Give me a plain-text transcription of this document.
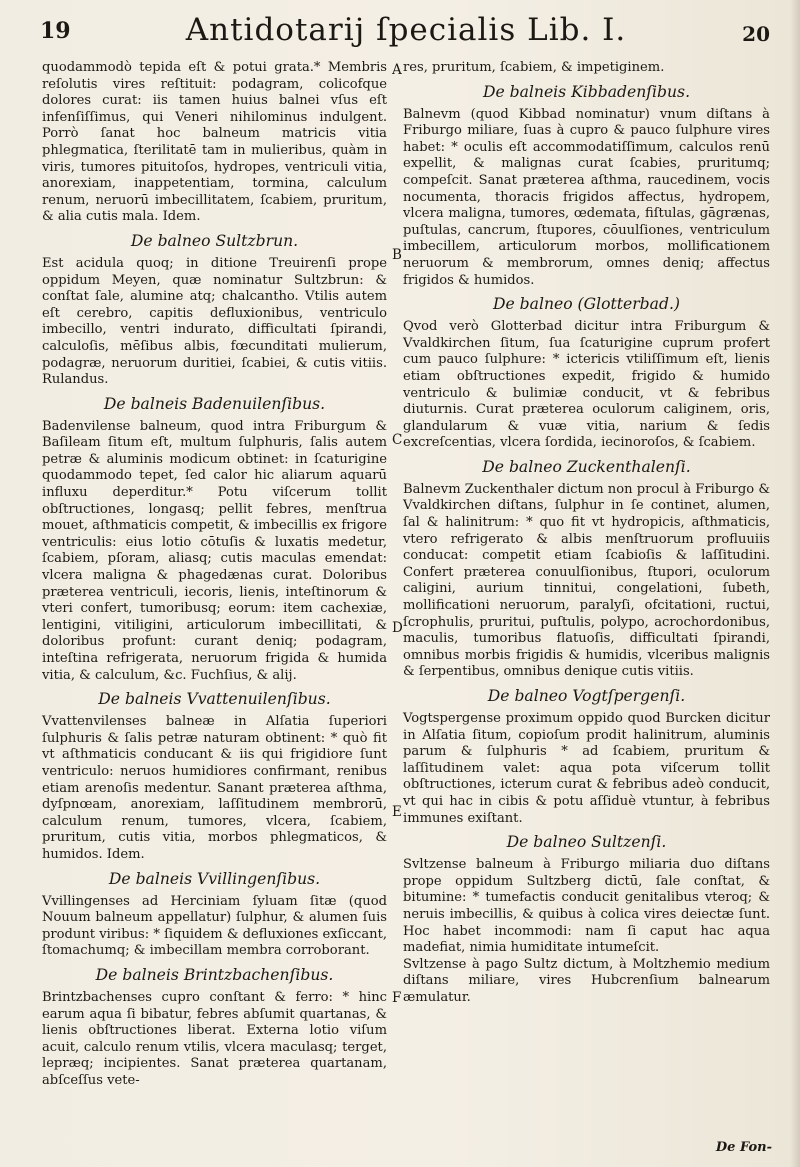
19	Antidotarij ſpecialis Lib. I.	20

quodammodò tepida eſt & potui grata.* Membris reſolutis vires reſtituit: podagram, colicofque dolores curat: iis tamen huius balnei vſus eſt infenſiſſimus, qui Veneri nihilominus indulgent. Porrò ſanat hoc balneum matricis vitia phlegmatica, ſterilitatē tam in mulieribus, quàm in viris, tumores pituitoſos, hydropes, ventriculi vitia, anorexiam, inappetentiam, tormina, calculum renum, neruorū imbecillitatem, ſcabiem, pruritum, & alia cutis mala. Idem.

De balneo Sultzbrun.

Est acidula quoq; in ditione Treuirenſi prope oppidum Meyen, quæ nominatur Sultzbrun: & conſtat ſale, alumine atq; chalcantho. Vtilis autem eſt cerebro, capitis defluxionibus, ventriculo imbecillo, ventri indurato, difficultati ſpirandi, calculoſis, mēſibus albis, fœcunditati mulierum, podagræ, neruorum duritiei, ſcabiei, & cutis vitiis. Rulandus.

De balneis Badenuilenſibus.

Badenvilense balneum, quod intra Friburgum & Baſileam ſitum eſt, multum ſulphuris, ſalis autem petræ & aluminis modicum obtinet: in ſcaturigine quodammodo tepet, ſed calor hic aliarum aquarū influxu deperditur.* Potu viſcerum tollit obſtructiones, longasq; pellit febres, menſtrua mouet, aſthmaticis competit, & imbecillis ex frigore ventriculis: eius lotio cōtuſis & luxatis medetur, ſcabiem, pſoram, aliasq; cutis maculas emendat: vlcera maligna & phagedænas curat. Doloribus præterea ventriculi, iecoris, lienis, inteſtinorum & vteri confert, tumoribusq; eorum: item cachexiæ, lentigini, vitiligini, articulorum imbecillitati, & doloribus profunt: curant deniq; podagram, inteſtina refrigerata, neruorum frigida & humida vitia, & calculum, &c. Fuchſius, & alij.

De balneis Vvattenuilenſibus.

Vvattenvilenses balneæ in Alſatia ſuperiori ſulphuris & ſalis petræ naturam obtinent: * quò fit vt aſthmaticis conducant & iis qui frigidiore ſunt ventriculo: neruos humidiores confirmant, renibus etiam arenoſis medentur. Sanant præterea aſthma, dyſpnœam, anorexiam, laſſitudinem membrorū, calculum renum, tumores, vlcera, ſcabiem, pruritum, cutis vitia, morbos phlegmaticos, & humidos. Idem.

De balneis Vvillingenſibus.

Vvillingenses ad Herciniam ſyluam ſitæ (quod Nouum balneum appellatur) ſulphur, & alumen ſuis produnt viribus: * ſiquidem & defluxiones exſiccant, ſtomachumq; & imbecillam membra corroborant.

De balneis Brintzbachenſibus.

Brintzbachenses cupro conſtant & ferro: * hinc earum aqua ſi bibatur, febres abſumit quartanas, & lienis obſtructiones liberat. Externa lotio viſum acuit, calculo renum vtilis, vlcera maculasq; terget, lepræq; incipientes. Sanat præterea quartanam, abſceſſus vete-

res, pruritum, ſcabiem, & impetiginem.

De balneis Kibbadenſibus.

Balnevm (quod Kibbad nominatur) vnum diſtans à Friburgo miliare, ſuas à cupro & pauco ſulphure vires habet: * oculis eſt accommodatiſſimum, calculos renū expellit, & malignas curat ſcabies, pruritumq; compeſcit. Sanat præterea aſthma, raucedinem, vocis nocumenta, thoracis frigidos affectus, hydropem, vlcera maligna, tumores, œdemata, fiſtulas, gāgrænas, puſtulas, cancrum, ſtupores, cōuulſiones, ventriculum imbecillem, articulorum morbos, mollificationem neruorum & membrorum, omnes deniq; affectus frigidos & humidos.

De balneo (Glotterbad.)

Qvod verò Glotterbad dicitur intra Friburgum & Vvaldkirchen ſitum, ſua ſcaturigine cuprum profert cum pauco ſulphure: * ictericis vtiliſſimum eſt, lienis etiam obſtructiones expedit, frigido & humido ventriculo & bulimiæ conducit, vt & febribus diuturnis. Curat præterea oculorum caliginem, oris, glandularum & vuæ vitia, narium & ſedis excreſcentias, vlcera ſordida, iecinoroſos, & ſcabiem.

De balneo Zuckenthalenſi.

Balnevm Zuckenthaler dictum non procul à Friburgo & Vvaldkirchen diſtans, ſulphur in ſe continet, alumen, ſal & halinitrum: * quo fit vt hydropicis, aſthmaticis, vtero refrigerato & albis menſtruorum profluuiis conducat: competit etiam ſcabioſis & laſſitudini. Confert præterea conuulſionibus, ſtupori, oculorum caligini, aurium tinnitui, congelationi, ſubeth, mollificationi neruorum, paralyſi, ofcitationi, ructui, ſcrophulis, pruritui, puſtulis, polypo, acrochordonibus, maculis, tumoribus flatuoſis, difficultati ſpirandi, omnibus morbis frigidis & humidis, vlceribus malignis & ſerpentibus, omnibus denique cutis vitiis.

De balneo Vogtſpergenſi.

Vogtspergense proximum oppido quod Burcken dicitur in Alſatia ſitum, copioſum prodit halinitrum, aluminis parum & ſulphuris * ad ſcabiem, pruritum & laſſitudinem valet: aqua pota viſcerum tollit obſtructiones, icterum curat & febribus adeò conducit, vt qui hac in cibis & potu aſſiduè vtuntur, à febribus immunes exiſtant.

De balneo Sultzenſi.

Svltzense balneum à Friburgo miliaria duo diſtans prope oppidum Sultzberg dictū, ſale conſtat, & bitumine: * tumefactis conducit genitalibus vteroq; & neruis imbecillis, & quibus à colica vires deiectæ ſunt. Hoc habet incommodi: nam ſi caput hac aqua madefiat, nimia humiditate intumeſcit.

Svltzense à pago Sultz dictum, à Moltzhemio medium diſtans miliare, vires Hubcrenſium balnearum æmulatur.

A
B
C
D
E
F
De Fon-
